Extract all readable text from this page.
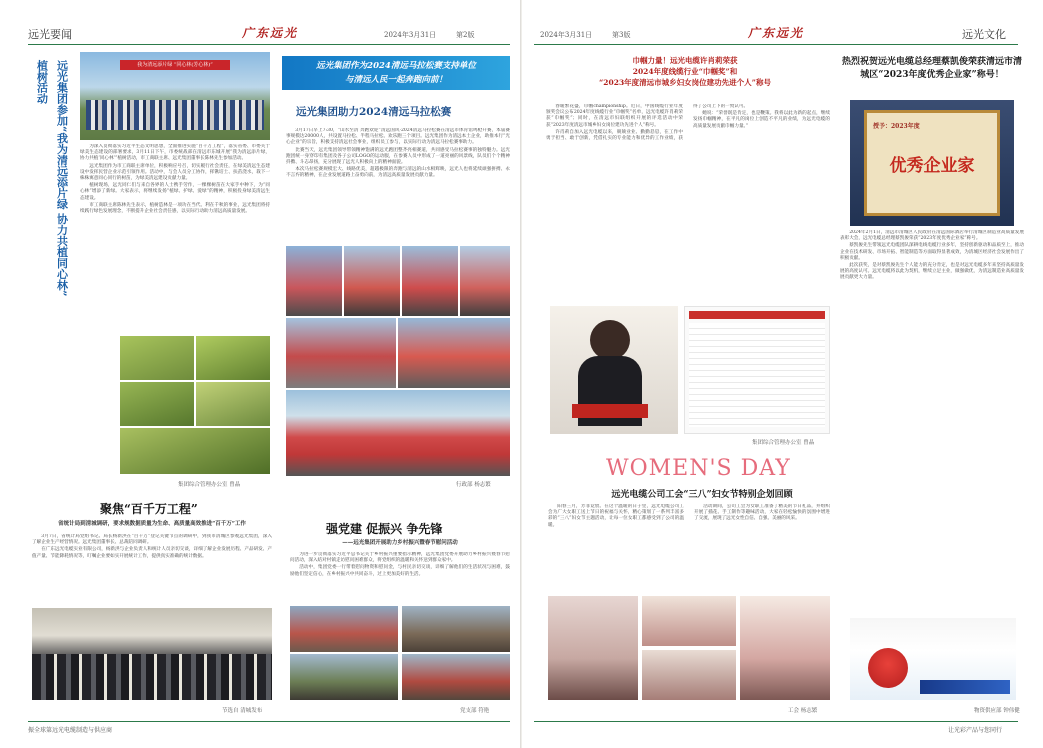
远光要闻	广东远光	2024年3月31日	第2版
远光集团参加“我为清远添片绿 协力共植同心林”
植树活动	我为清远添片绿 “同心林(芳心林)”

为深入贯彻落实习近平生态文明思想，全面推进实施“百千万工程”，落实省委、市委关于绿美生态建设的部署要求，3月11日下午，市委统战部在清远市东城开展“我为清远添片绿，协力共植‘同心林’”植树活动，市工商联主席、远光集团董事长陈林先生参加活动。

远光集团作为市工商联主席单位，积极响应号召，切实履行社会责任，在绿美清远生态建设中发挥民营企业示范引领作用。活动中，与会人员分工协作，挥锹培土、扶苗浇水，栽下一株株寓意同心同行的树苗，为绿美清远建设贡献力量。

植树现场，远光同仁们与来自各界的人士携手劳作，一棵棵树苗在大家手中种下，为“同心林”增添了新绿。大家表示，将继续发扬“植绿、护绿、爱绿”的精神，积极投身绿美清远生态建设。

市工商联主席陈林先生表示，植树造林是一项功在当代、利在千秋的事业，远光集团将持续践行绿色发展理念，不断提升企业社会责任感，以实际行动助力清远高质量发展。

集团综合管理办公室 曾晶
远光集团作为2024清远马拉松赛支持单位
与清远人民一起奔跑向前！
远光集团助力2024清远马拉松赛

3月17日早上7:30，“山水至清 奔跑欢迎”清远国风·2024清远马拉松赛在清远市体育馆鸣枪开赛，本届赛事规模达20000人，共设置马拉松、半程马拉松、欢乐跑三个项目。远光集团作为清远本土企业，助推本行“光心企业”的宗旨，积极支持清远社会事业，组织员工参与，以实际行动为清远马拉松赛事助力。

比赛当天，远光集团领导带领精神饱满的远光跑团整齐亮相赛道，共同感受马拉松赛事的独特魅力。远光跑团统一身穿印有集团及各子公司LOGO的运动服，在参赛人员中形成了一道亮丽的风景线，队员们个个精神抖擞、斗志昂扬，充分展现了远光人积极向上的精神面貌。

本次马拉松赛规模宏大、线路优美，超越极限的奔跑与清远的山水相辉映，远光人也将延续顽强拼搏、永不言弃的精神，在企业发展道路上奋勇向前，为清远高质量发展贡献力量。

行政部 杨志繁
聚焦“百千万工程”
省统计局到清城调研，要求规数据质量为生命、高质量高效推进“百千万”工作

3月7日，省统计局党组书记、局长杨新洪在“百千万”登记关键节点的调研中，到我市清城区参观远光集团，深入了解企业生产经营情况。远光集团董事长、总裁陪同调研。

在广东远光电缆实业有限公司，杨新洪与企业负责人和统计人员亲切交谈，详细了解企业发展历程、产品研发、产值产量、节能降耗情况等，叮嘱企业要如实开展统计工作，提供真实准确的统计数据。

节选自 清城发布
强党建 促振兴 争先锋
——远光集团开展助力乡村振兴暨春节慰问活动

为进一步贯彻落实习近平总书记关于乡村振兴重要指示精神，远光集团党委开展助力乡村振兴暨春节慰问活动，深入结对村镇走访慰问困难群众，将党组织的温暖和关怀送到群众家中。

活动中，集团党委一行带着慰问物资和慰问金，与村民亲切交谈，详细了解他们的生活状况与困难，鼓励他们坚定信心，在乡村振兴中共同奋斗，过上更加美好的生活。

党支部 符艳
振全球第远光电缆制造与供应商
2024年3月31日	第3版	广东远光	远光文化
巾帼力量！远光电缆许肖莉荣获
2024年度线缆行业“巾帼奖”和
“2023年度清远市城乡妇女岗位建功先进个人”称号

春暖繁花盛，巾帼championship。近日，中国线缆行业年度颁奖会议公布2024年度线缆行业“巾帼奖”名单，远光电缆许肖莉荣获“巾帼奖”；同时，在清远市妇联组织开展的评选活动中荣获“2023年度清远市城乡妇女岗位建功先进个人”称号。

许肖莉自加入远光电缆以来，兢兢业业、勤勤恳恳，在工作中勇于担当、敢于创新，凭借扎实的专业能力和优异的工作业绩，获得了公司上下的一致认可。

她说：“荣誉既是肯定，也是鞭策。我将以此为新的起点，继续发扬巾帼精神，在平凡的岗位上创造不平凡的业绩，为远光电缆的高质量发展贡献巾帼力量。”

集团综合管理办公室 曾晶
热烈祝贺远光电缆总经理蔡凯俊荣获清远市清城区“2023年度优秀企业家”称号！
授予：2023年度
优秀企业家

2024年2月1日，清远市清城区人民政府在清远国际酒店举行清城区制造业高质量发展表彰大会，远光电缆总经理蔡凯俊荣获“2023年度优秀企业家”称号。

蔡凯俊先生带领远光电缆团队深耕电线电缆行业多年，坚持创新驱动和品质至上，推动企业在技术研发、市场开拓、智能制造等方面取得显著成效，为清城区经济社会发展作出了积极贡献。

此次获奖，是对蔡凯俊先生个人能力的充分肯定，也是对远光电缆多年来坚持高质量发展的高度认可。远光电缆将以此为契机，继续立足主业，做强做优，为清远制造业高质量发展贡献更大力量。

物资供应部 钟伟健
WOMEN'S DAY
远光电缆公司工会“三八”妇女节特别企划回顾

阳春三月，芳菲竞放。在这个温暖的日子里，远光电缆公司工会为广大女职工送上节日的祝福与关怀，精心策划了一系列丰富多彩的“三八”妇女节主题活动，让每一位女职工都感受到了公司的温暖。

活动期间，公司工会为女职工准备了精美的节日礼品，并组织开展了插花、手工制作等趣味活动，大家在轻松愉快的氛围中增进了交流，展现了远光女性自信、自强、美丽的风采。

工会 杨志繁
让光彩产品与您同行
